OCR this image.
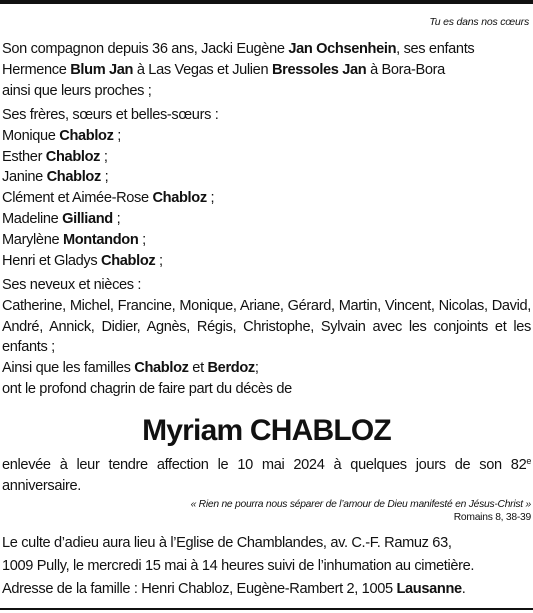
Tu es dans nos cœurs
Son compagnon depuis 36 ans, Jacki Eugène Jan Ochsenhein, ses enfants
Hermence Blum Jan à Las Vegas et Julien Bressoles Jan à Bora-Bora
ainsi que leurs proches ;
Ses frères, sœurs et belles-sœurs :
Monique Chabloz ;
Esther Chabloz ;
Janine Chabloz ;
Clément et Aimée-Rose Chabloz ;
Madeline Gilliand ;
Marylène Montandon ;
Henri et Gladys Chabloz ;
Ses neveux et nièces :
Catherine, Michel, Francine, Monique, Ariane, Gérard, Martin, Vincent, Nicolas, David, André, Annick, Didier, Agnès, Régis, Christophe, Sylvain avec les conjoints et les enfants ;
Ainsi que les familles Chabloz et Berdoz;
ont le profond chagrin de faire part du décès de
Myriam CHABLOZ
enlevée à leur tendre affection le 10 mai 2024 à quelques jours de son 82e anniversaire.
« Rien ne pourra nous séparer de l’amour de Dieu manifesté en Jésus-Christ »
Romains 8, 38-39
Le culte d’adieu aura lieu à l’Eglise de Chamblandes, av. C.-F. Ramuz 63,
1009 Pully, le mercredi 15 mai à 14 heures suivi de l’inhumation au cimetière.
Adresse de la famille : Henri Chabloz, Eugène-Rambert 2, 1005 Lausanne.
